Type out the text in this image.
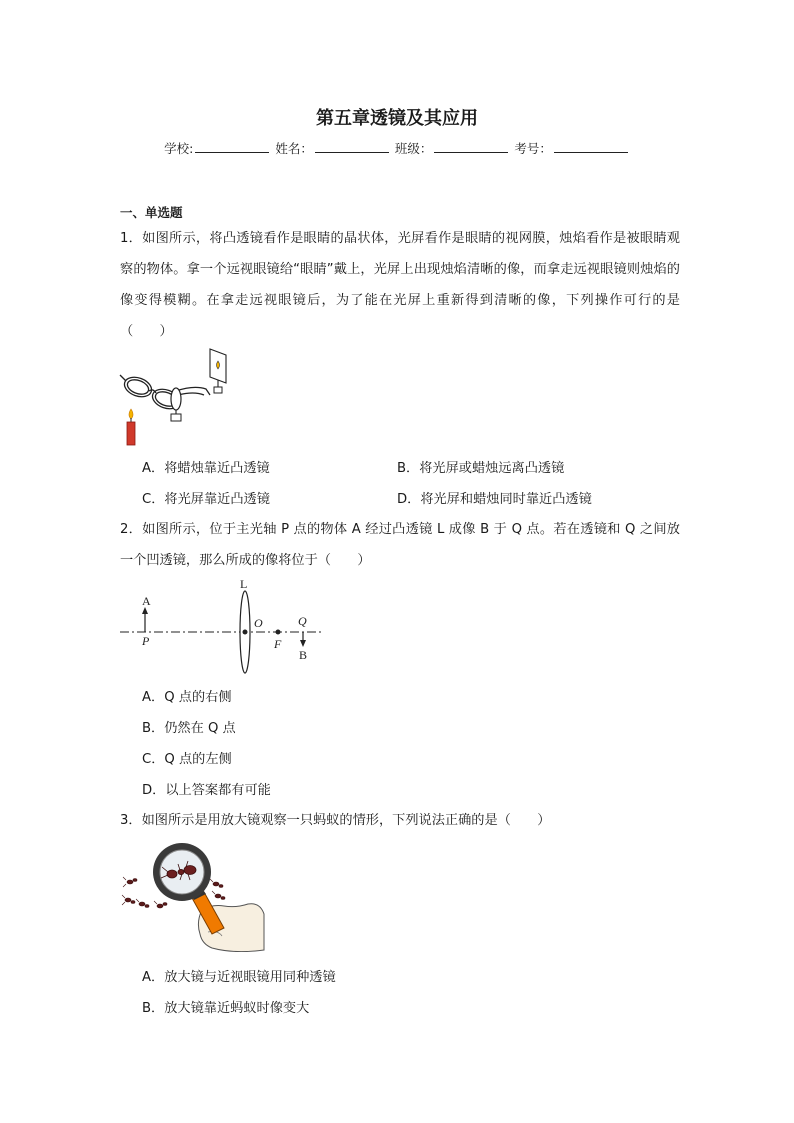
第五章透镜及其应用
学校:	姓名：	班级：	考号：
一、单选题
1．如图所示，将凸透镜看作是眼睛的晶状体，光屏看作是眼睛的视网膜，烛焰看作是被眼睛观察的物体。拿一个远视眼镜给“眼睛”戴上，光屏上出现烛焰清晰的像，而拿走远视眼镜则烛焰的像变得模糊。在拿走远视眼镜后，为了能在光屏上重新得到清晰的像，下列操作可行的是（　　）
A．将蜡烛靠近凸透镜	B．将光屏或蜡烛远离凸透镜
C．将光屏靠近凸透镜	D．将光屏和蜡烛同时靠近凸透镜
2．如图所示，位于主光轴 P 点的物体 A 经过凸透镜 L 成像 B 于 Q 点。若在透镜和 Q 之间放一个凹透镜，那么所成的像将位于（　　）
A
P
L
O
F
Q
B
A．Q 点的右侧
B．仍然在 Q 点
C．Q 点的左侧
D．以上答案都有可能
3．如图所示是用放大镜观察一只蚂蚁的情形，下列说法正确的是（　　）
A．放大镜与近视眼镜用同种透镜
B．放大镜靠近蚂蚁时像变大
